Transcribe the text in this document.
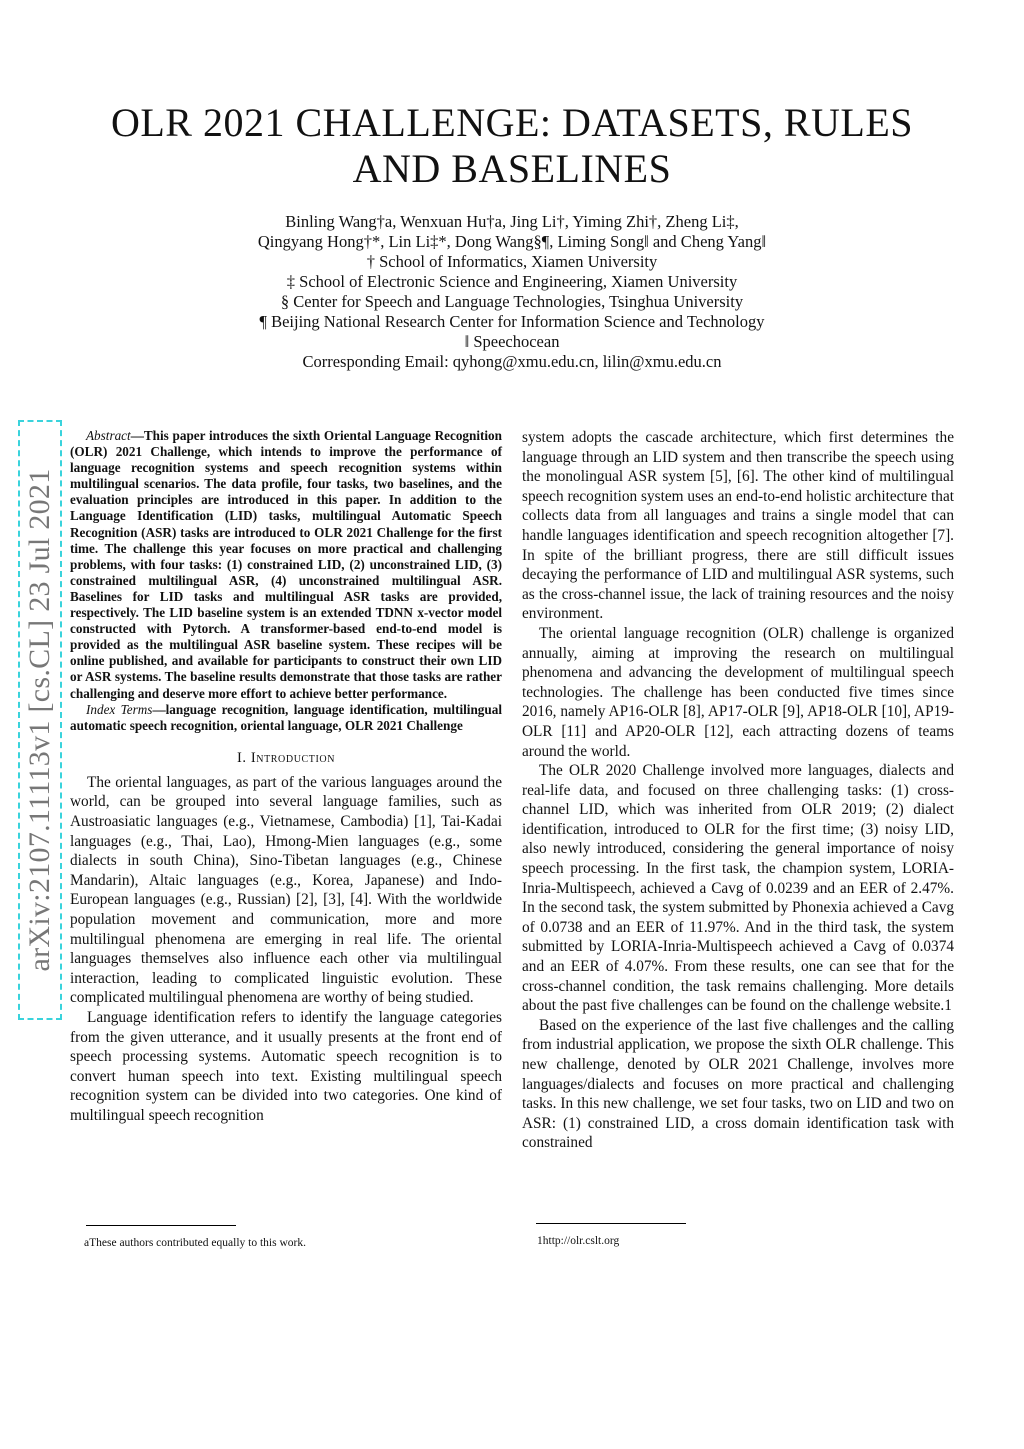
OLR 2021 CHALLENGE: DATASETS, RULES
AND BASELINES
Binling Wang†a, Wenxuan Hu†a, Jing Li†, Yiming Zhi†, Zheng Li‡,
Qingyang Hong†*, Lin Li‡*, Dong Wang§¶, Liming Song‖ and Cheng Yang‖
† School of Informatics, Xiamen University
‡ School of Electronic Science and Engineering, Xiamen University
§ Center for Speech and Language Technologies, Tsinghua University
¶ Beijing National Research Center for Information Science and Technology
‖ Speechocean
Corresponding Email: qyhong@xmu.edu.cn, lilin@xmu.edu.cn
arXiv:2107.11113v1 [cs.CL] 23 Jul 2021

Abstract—This paper introduces the sixth Oriental Language Recognition (OLR) 2021 Challenge, which intends to improve the performance of language recognition systems and speech recognition systems within multilingual scenarios. The data profile, four tasks, two baselines, and the evaluation principles are introduced in this paper. In addition to the Language Identification (LID) tasks, multilingual Automatic Speech Recognition (ASR) tasks are introduced to OLR 2021 Challenge for the first time. The challenge this year focuses on more practical and challenging problems, with four tasks: (1) constrained LID, (2) unconstrained LID, (3) constrained multilingual ASR, (4) unconstrained multilingual ASR. Baselines for LID tasks and multilingual ASR tasks are provided, respectively. The LID baseline system is an extended TDNN x-vector model constructed with Pytorch. A transformer-based end-to-end model is provided as the multilingual ASR baseline system. These recipes will be online published, and available for participants to construct their own LID or ASR systems. The baseline results demonstrate that those tasks are rather challenging and deserve more effort to achieve better performance.

Index Terms—language recognition, language identification, multilingual automatic speech recognition, oriental language, OLR 2021 Challenge

I. Introduction

The oriental languages, as part of the various languages around the world, can be grouped into several language families, such as Austroasiatic languages (e.g., Vietnamese, Cambodia) [1], Tai-Kadai languages (e.g., Thai, Lao), Hmong-Mien languages (e.g., some dialects in south China), Sino-Tibetan languages (e.g., Chinese Mandarin), Altaic languages (e.g., Korea, Japanese) and Indo-European languages (e.g., Russian) [2], [3], [4]. With the worldwide population movement and communication, more and more multilingual phenomena are emerging in real life. The oriental languages themselves also influence each other via multilingual interaction, leading to complicated linguistic evolution. These complicated multilingual phenomena are worthy of being studied.

Language identification refers to identify the language categories from the given utterance, and it usually presents at the front end of speech processing systems. Automatic speech recognition is to convert human speech into text. Existing multilingual speech recognition system can be divided into two categories. One kind of multilingual speech recognition

system adopts the cascade architecture, which first determines the language through an LID system and then transcribe the speech using the monolingual ASR system [5], [6]. The other kind of multilingual speech recognition system uses an end-to-end holistic architecture that collects data from all languages and trains a single model that can handle languages identification and speech recognition altogether [7]. In spite of the brilliant progress, there are still difficult issues decaying the performance of LID and multilingual ASR systems, such as the cross-channel issue, the lack of training resources and the noisy environment.

The oriental language recognition (OLR) challenge is organized annually, aiming at improving the research on multilingual phenomena and advancing the development of multilingual speech technologies. The challenge has been conducted five times since 2016, namely AP16-OLR [8], AP17-OLR [9], AP18-OLR [10], AP19-OLR [11] and AP20-OLR [12], each attracting dozens of teams around the world.

The OLR 2020 Challenge involved more languages, dialects and real-life data, and focused on three challenging tasks: (1) cross-channel LID, which was inherited from OLR 2019; (2) dialect identification, introduced to OLR for the first time; (3) noisy LID, also newly introduced, considering the general importance of noisy speech processing. In the first task, the champion system, LORIA-Inria-Multispeech, achieved a Cavg of 0.0239 and an EER of 2.47%. In the second task, the system submitted by Phonexia achieved a Cavg of 0.0738 and an EER of 11.97%. And in the third task, the system submitted by LORIA-Inria-Multispeech achieved a Cavg of 0.0374 and an EER of 4.07%. From these results, one can see that for the cross-channel condition, the task remains challenging. More details about the past five challenges can be found on the challenge website.1

Based on the experience of the last five challenges and the calling from industrial application, we propose the sixth OLR challenge. This new challenge, denoted by OLR 2021 Challenge, involves more languages/dialects and focuses on more practical and challenging tasks. In this new challenge, we set four tasks, two on LID and two on ASR: (1) constrained LID, a cross domain identification task with constrained

aThese authors contributed equally to this work.	1http://olr.cslt.org
